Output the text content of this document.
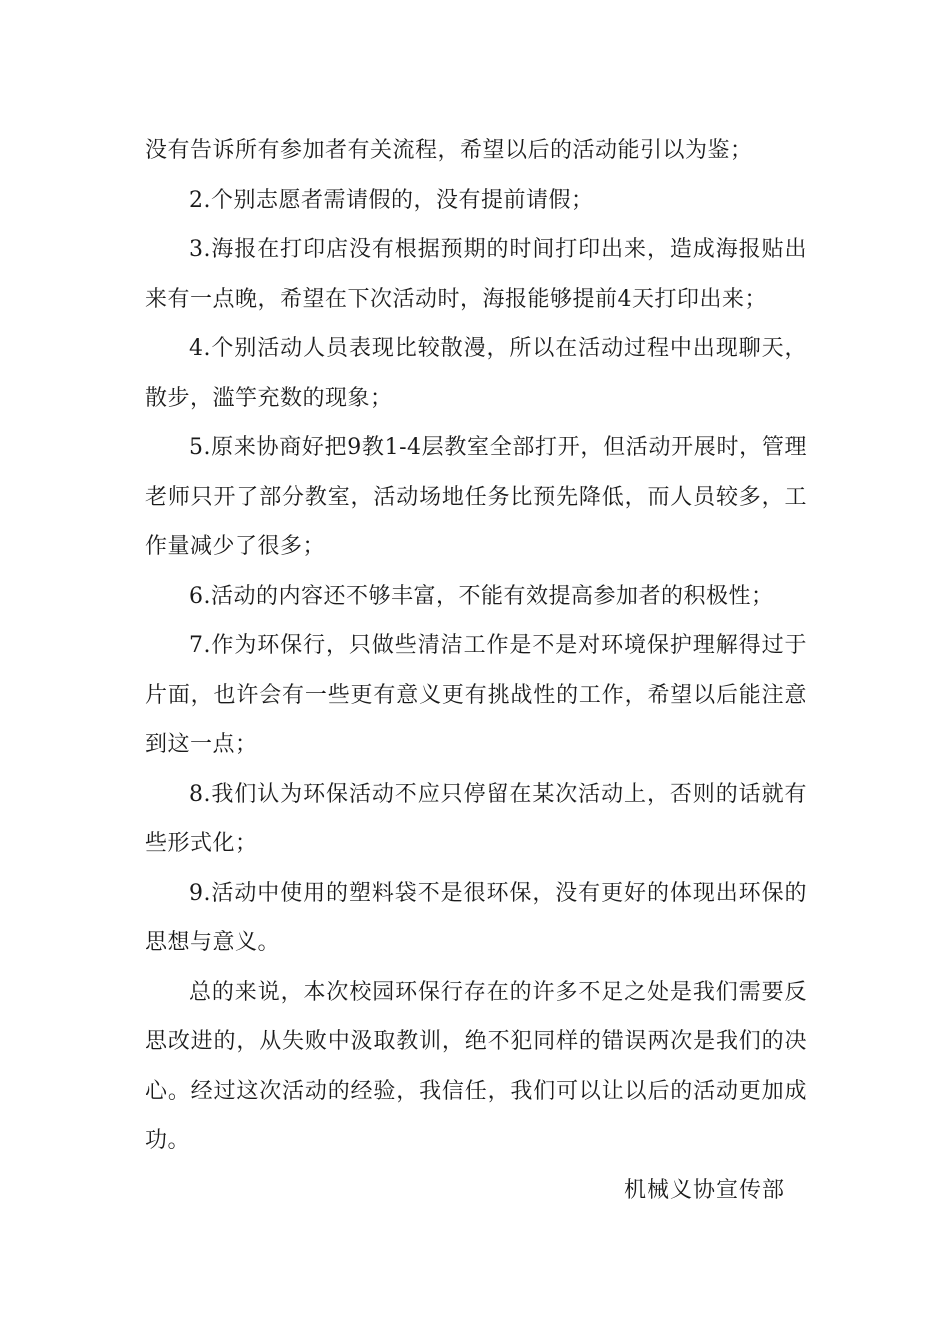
没有告诉所有参加者有关流程，希望以后的活动能引以为鉴；

2.个别志愿者需请假的，没有提前请假；

3.海报在打印店没有根据预期的时间打印出来，造成海报贴出来有一点晚，希望在下次活动时，海报能够提前4天打印出来；

4.个别活动人员表现比较散漫，所以在活动过程中出现聊天，散步，滥竽充数的现象；

5.原来协商好把9教1-4层教室全部打开，但活动开展时，管理老师只开了部分教室，活动场地任务比预先降低，而人员较多，工作量减少了很多；

6.活动的内容还不够丰富，不能有效提高参加者的积极性；

7.作为环保行，只做些清洁工作是不是对环境保护理解得过于片面，也许会有一些更有意义更有挑战性的工作，希望以后能注意到这一点；

8.我们认为环保活动不应只停留在某次活动上，否则的话就有些形式化；

9.活动中使用的塑料袋不是很环保，没有更好的体现出环保的思想与意义。

总的来说，本次校园环保行存在的许多不足之处是我们需要反思改进的，从失败中汲取教训，绝不犯同样的错误两次是我们的决心。经过这次活动的经验，我信任，我们可以让以后的活动更加成功。

机械义协宣传部
